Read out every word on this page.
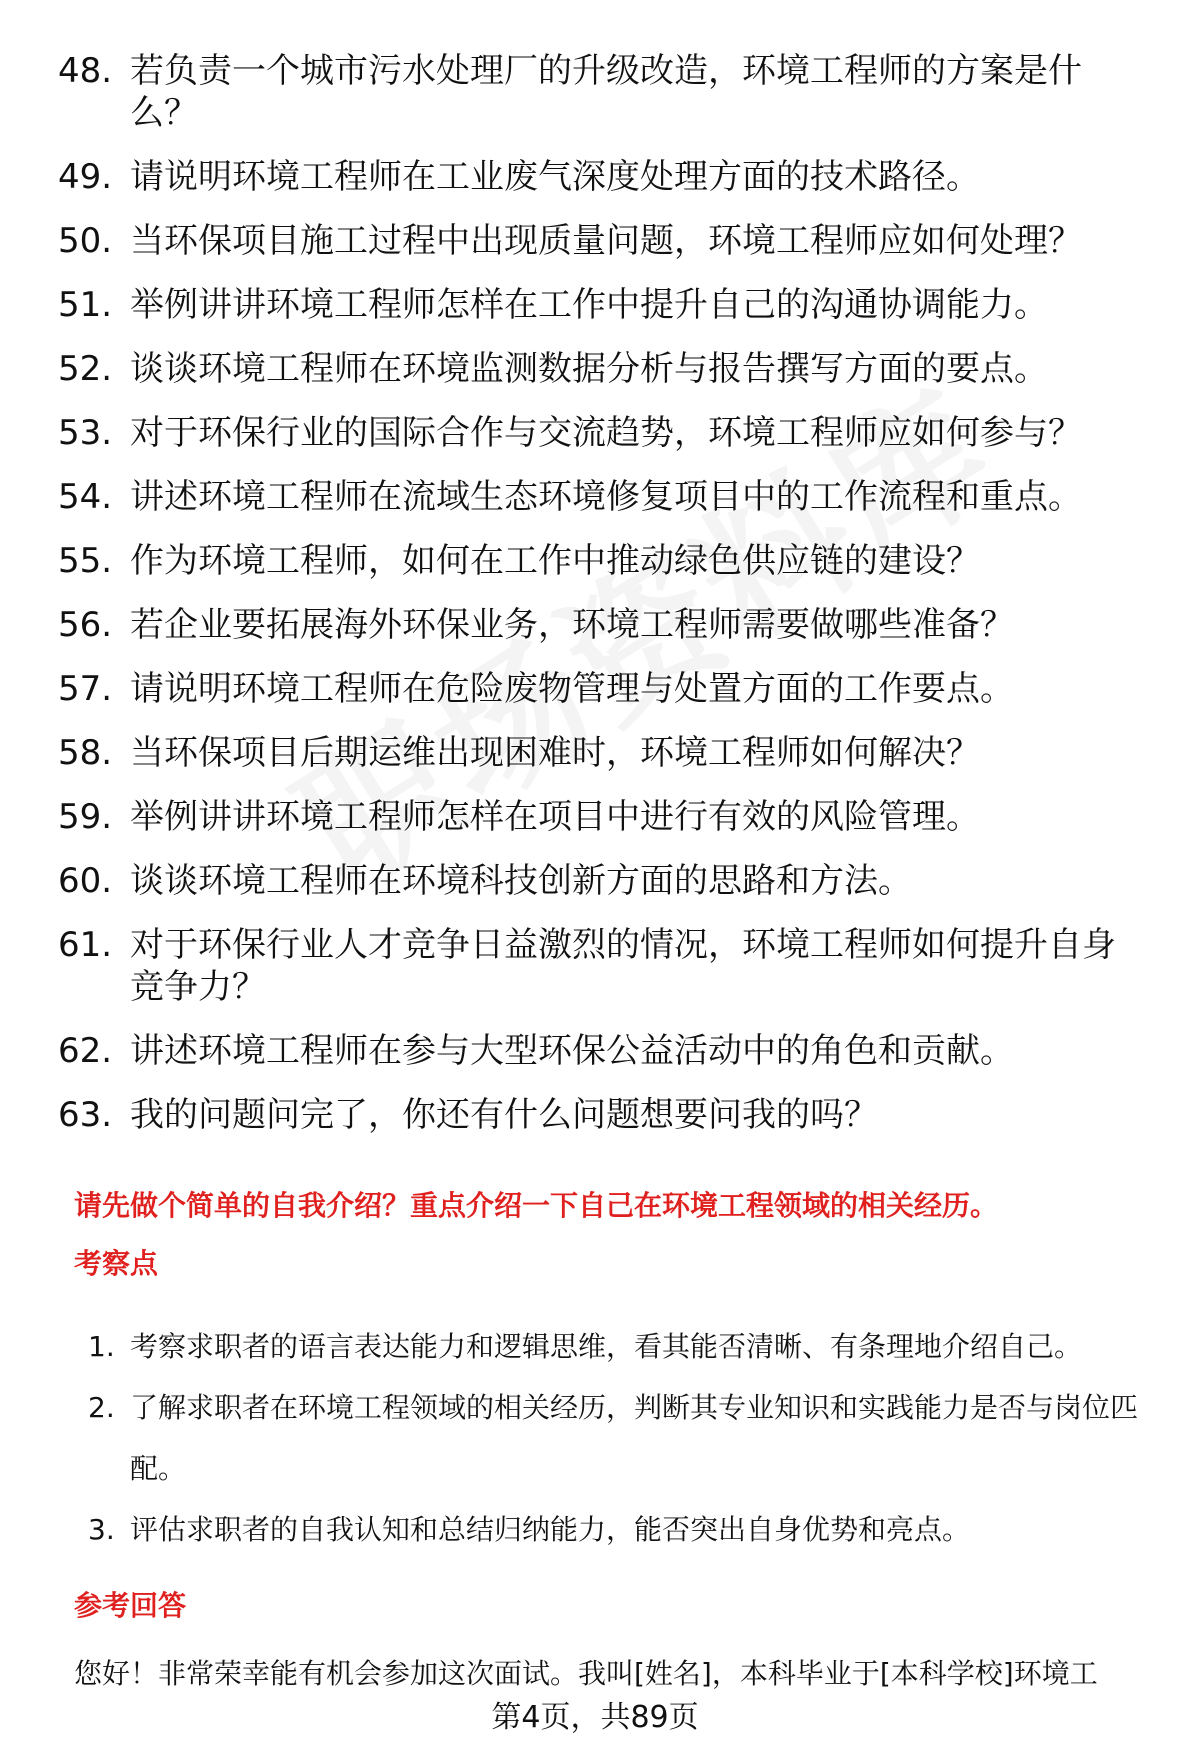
48. 若负责一个城市污水处理厂的升级改造，环境工程师的方案是什么？
49. 请说明环境工程师在工业废气深度处理方面的技术路径。
50. 当环保项目施工过程中出现质量问题，环境工程师应如何处理？
51. 举例讲讲环境工程师怎样在工作中提升自己的沟通协调能力。
52. 谈谈环境工程师在环境监测数据分析与报告撰写方面的要点。
53. 对于环保行业的国际合作与交流趋势，环境工程师应如何参与？
54. 讲述环境工程师在流域生态环境修复项目中的工作流程和重点。
55. 作为环境工程师，如何在工作中推动绿色供应链的建设？
56. 若企业要拓展海外环保业务，环境工程师需要做哪些准备？
57. 请说明环境工程师在危险废物管理与处置方面的工作要点。
58. 当环保项目后期运维出现困难时，环境工程师如何解决？
59. 举例讲讲环境工程师怎样在项目中进行有效的风险管理。
60. 谈谈环境工程师在环境科技创新方面的思路和方法。
61. 对于环保行业人才竞争日益激烈的情况，环境工程师如何提升自身竞争力？
62. 讲述环境工程师在参与大型环保公益活动中的角色和贡献。
63. 我的问题问完了，你还有什么问题想要问我的吗？
请先做个简单的自我介绍？重点介绍一下自己在环境工程领域的相关经历。
考察点
1. 考察求职者的语言表达能力和逻辑思维，看其能否清晰、有条理地介绍自己。
2. 了解求职者在环境工程领域的相关经历，判断其专业知识和实践能力是否与岗位匹配。
3. 评估求职者的自我认知和总结归纳能力，能否突出自身优势和亮点。
参考回答
您好！非常荣幸能有机会参加这次面试。我叫[姓名]，本科毕业于[本科学校]环境工
第4页，共89页
